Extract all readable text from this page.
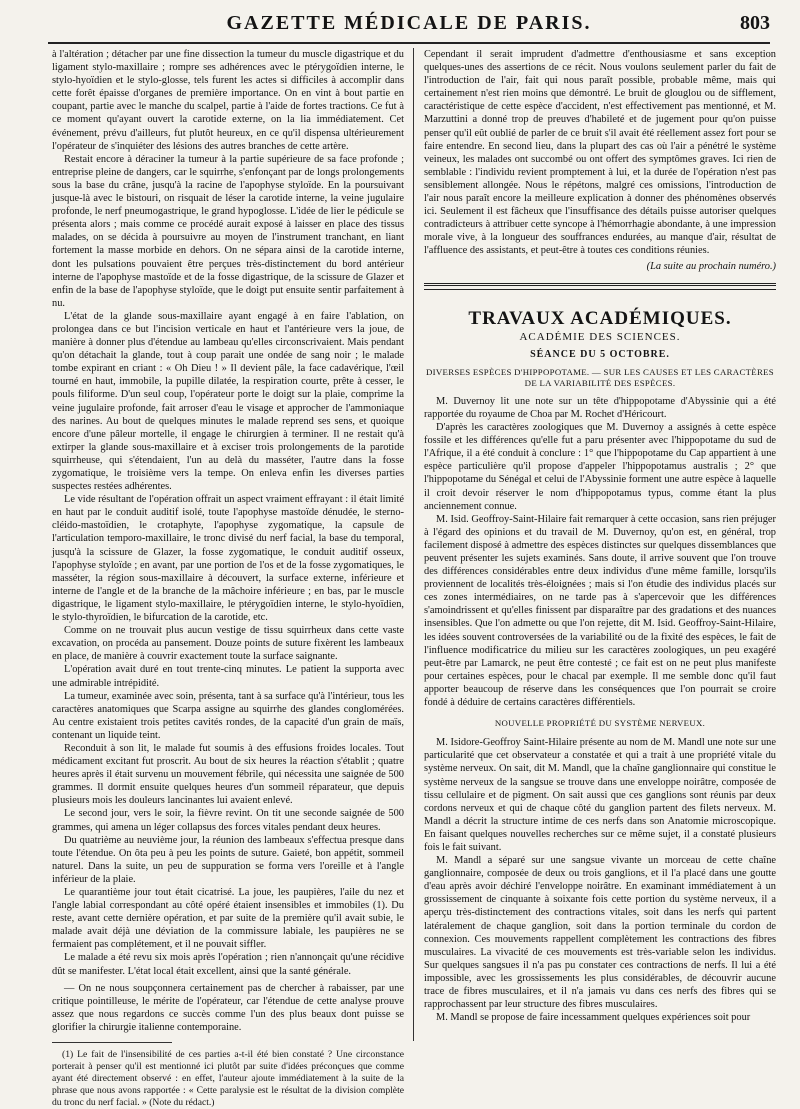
GAZETTE MÉDICALE DE PARIS.	803

à l'altération ; détacher par une fine dissection la tumeur du muscle digastrique et du ligament stylo-maxillaire ; rompre ses adhérences avec le ptérygoïdien interne, le stylo-hyoïdien et le stylo-glosse, tels furent les actes si difficiles à accomplir dans cette forêt épaisse d'organes de première importance. On en vint à bout partie en coupant, partie avec le manche du scalpel, partie à l'aide de fortes tractions. Ce fut à ce moment qu'ayant ouvert la carotide externe, on la lia immédiatement. Cet événement, prévu d'ailleurs, fut plutôt heureux, en ce qu'il dispensa ultérieurement l'opérateur de s'inquiéter des lésions des autres branches de cette artère.

Restait encore à déraciner la tumeur à la partie supérieure de sa face profonde ; entreprise pleine de dangers, car le squirrhe, s'enfonçant par de longs prolongements sous la base du crâne, jusqu'à la racine de l'apophyse styloïde. En la poursuivant jusque-là avec le bistouri, on risquait de léser la carotide interne, la veine jugulaire profonde, le nerf pneumogastrique, le grand hypoglosse. L'idée de lier le pédicule se présenta alors ; mais comme ce procédé aurait exposé à laisser en place des tissus malades, on se décida à poursuivre au moyen de l'instrument tranchant, en liant fortement la masse morbide en dehors. On ne sépara ainsi de la carotide interne, dont les pulsations pouvaient être perçues très-distinctement du bord antérieur interne de l'apophyse mastoïde et de la fosse digastrique, de la scissure de Glazer et enfin de la base de l'apophyse styloïde, que le doigt put ensuite sentir parfaitement à nu.

L'état de la glande sous-maxillaire ayant engagé à en faire l'ablation, on prolongea dans ce but l'incision verticale en haut et l'antérieure vers la joue, de manière à donner plus d'étendue au lambeau qu'elles circonscrivaient. Mais pendant qu'on détachait la glande, tout à coup parait une ondée de sang noir ; le malade tombe expirant en criant : « Oh Dieu ! » Il devient pâle, la face cadavérique, l'œil tourné en haut, immobile, la pupille dilatée, la respiration courte, prête à cesser, le pouls filiforme. D'un seul coup, l'opérateur porte le doigt sur la plaie, comprime la veine jugulaire profonde, fait arroser d'eau le visage et approcher de l'ammoniaque des narines. Au bout de quelques minutes le malade reprend ses sens, et quoique encore d'une pâleur mortelle, il engage le chirurgien à terminer. Il ne restait qu'à extirper la glande sous-maxillaire et à exciser trois prolongements de la parotide squirrheuse, qui s'étendaient, l'un au delà du masséter, l'autre dans la fosse zygomatique, le troisième vers la tempe. On enleva enfin les diverses parties suspectes restées adhérentes.

Le vide résultant de l'opération offrait un aspect vraiment effrayant : il était limité en haut par le conduit auditif isolé, toute l'apophyse mastoïde dénudée, le sterno-cléido-mastoïdien, le crotaphyte, l'apophyse zygomatique, la capsule de l'articulation temporo-maxillaire, le tronc divisé du nerf facial, la base du temporal, jusqu'à la scissure de Glazer, la fosse zygomatique, le conduit auditif osseux, l'apophyse styloïde ; en avant, par une portion de l'os et de la fosse zygomatiques, le masséter, la région sous-maxillaire à découvert, la surface externe, inférieure et interne de l'angle et de la branche de la mâchoire inférieure ; en bas, par le muscle digastrique, le ligament stylo-maxillaire, le ptérygoïdien interne, le stylo-hyoïdien, le stylo-thyroïdien, le bifurcation de la carotide, etc.

Comme on ne trouvait plus aucun vestige de tissu squirrheux dans cette vaste excavation, on procéda au pansement. Douze points de suture fixèrent les lambeaux en place, de manière à couvrir exactement toute la surface saignante.

L'opération avait duré en tout trente-cinq minutes. Le patient la supporta avec une admirable intrépidité.

La tumeur, examinée avec soin, présenta, tant à sa surface qu'à l'intérieur, tous les caractères anatomiques que Scarpa assigne au squirrhe des glandes conglomérées. Au centre existaient trois petites cavités rondes, de la capacité d'un grain de maïs, contenant un liquide teint.

Reconduit à son lit, le malade fut soumis à des effusions froides locales. Tout médicament excitant fut proscrit. Au bout de six heures la réaction s'établit ; quatre heures après il était survenu un mouvement fébrile, qui nécessita une saignée de 500 grammes. Il dormit ensuite quelques heures d'un sommeil réparateur, que depuis plusieurs mois les douleurs lancinantes lui avaient enlevé.

Le second jour, vers le soir, la fièvre revint. On tit une seconde saignée de 500 grammes, qui amena un léger collapsus des forces vitales pendant deux heures.

Du quatrième au neuvième jour, la réunion des lambeaux s'effectua presque dans toute l'étendue. On ôta peu à peu les points de suture. Gaieté, bon appétit, sommeil naturel. Dans la suite, un peu de suppuration se forma vers l'oreille et à l'angle inférieur de la plaie.

Le quarantième jour tout était cicatrisé. La joue, les paupières, l'aile du nez et l'angle labial correspondant au côté opéré étaient insensibles et immobiles (1). Du reste, avant cette dernière opération, et par suite de la première qu'il avait subie, le malade avait déjà une déviation de la commissure labiale, les paupières ne se fermaient pas complétement, et il ne pouvait siffler.

Le malade a été revu six mois après l'opération ; rien n'annonçait qu'une récidive dût se manifester. L'état local était excellent, ainsi que la santé générale.

— On ne nous soupçonnera certainement pas de chercher à rabaisser, par une critique pointilleuse, le mérite de l'opérateur, car l'étendue de cette analyse prouve assez que nous regardons ce succès comme l'un des plus beaux dont puisse se glorifier la chirurgie italienne contemporaine.

(1) Le fait de l'insensibilité de ces parties a-t-il été bien constaté ? Une circonstance porterait à penser qu'il est mentionné ici plutôt par suite d'idées préconçues que comme ayant été directement observé : en effet, l'auteur ajoute immédiatement à la suite de la phrase que nous avons rapportée : « Cette paralysie est le résultat de la division complète du tronc du nerf facial. » (Note du rédact.)

Cependant il serait imprudent d'admettre d'enthousiasme et sans exception quelques-unes des assertions de ce récit. Nous voulons seulement parler du fait de l'introduction de l'air, fait qui nous paraît possible, probable même, mais qui certainement n'est rien moins que démontré. Le bruit de glouglou ou de sifflement, caractéristique de cette espèce d'accident, n'est effectivement pas mentionné, et M. Marzuttini a donné trop de preuves d'habileté et de jugement pour qu'on puisse penser qu'il eût oublié de parler de ce bruit s'il avait été réellement assez fort pour se faire entendre. En second lieu, dans la plupart des cas où l'air a pénétré le système veineux, les malades ont succombé ou ont offert des symptômes graves. Ici rien de semblable : l'individu revient promptement à lui, et la durée de l'opération n'est pas sensiblement allongée. Nous le répétons, malgré ces omissions, l'introduction de l'air nous paraît encore la meilleure explication à donner des phénomènes observés ici. Seulement il est fâcheux que l'insuffisance des détails puisse autoriser quelques contradicteurs à attribuer cette syncope à l'hémorrhagie abondante, à une impression morale vive, à la longueur des souffrances endurées, au manque d'air, résultat de l'affluence des assistants, et peut-être à toutes ces conditions réunies.

(La suite au prochain numéro.)
TRAVAUX ACADÉMIQUES.
ACADÉMIE DES SCIENCES.
SÉANCE DU 5 OCTOBRE.
DIVERSES ESPÈCES D'HIPPOPOTAME. — SUR LES CAUSES ET LES CARACTÈRES DE LA VARIABILITÉ DES ESPÈCES.

M. Duvernoy lit une note sur un tête d'hippopotame d'Abyssinie qui a été rapportée du royaume de Choa par M. Rochet d'Héricourt.

D'après les caractères zoologiques que M. Duvernoy a assignés à cette espèce fossile et les différences qu'elle fut a paru présenter avec l'hippopotame du sud de l'Afrique, il a été conduit à conclure : 1° que l'hippopotame du Cap appartient à une espèce particulière qu'il propose d'appeler l'hippopotamus australis ; 2° que l'hippopotame du Sénégal et celui de l'Abyssinie forment une autre espèce à laquelle il croit devoir réserver le nom d'hippopotamus typus, comme étant la plus anciennement connue.

M. Isid. Geoffroy-Saint-Hilaire fait remarquer à cette occasion, sans rien préjuger à l'égard des opinions et du travail de M. Duvernoy, qu'on est, en général, trop facilement disposé à admettre des espèces distinctes sur quelques dissemblances que peuvent présenter les sujets examinés. Sans doute, il arrive souvent que l'on trouve des différences considérables entre deux individus d'une même famille, lorsqu'ils proviennent de localités très-éloignées ; mais si l'on étudie des individus placés sur ces zones intermédiaires, on ne tarde pas à s'apercevoir que les différences s'amoindrissent et qu'elles finissent par disparaître par des gradations et des nuances insensibles. Que l'on admette ou que l'on rejette, dit M. Isid. Geoffroy-Saint-Hilaire, les idées souvent controversées de la variabilité ou de la fixité des espèces, le fait de l'influence modificatrice du milieu sur les caractères zoologiques, un peu exagéré peut-être par Lamarck, ne peut être contesté ; ce fait est on ne peut plus manifeste pour certaines espèces, pour le chacal par exemple. Il me semble donc qu'il faut apporter beaucoup de réserve dans les conséquences que l'on pourrait se croire fondé à déduire de certains caractères différentiels.

NOUVELLE PROPRIÉTÉ DU SYSTÈME NERVEUX.

M. Isidore-Geoffroy Saint-Hilaire présente au nom de M. Mandl une note sur une particularité que cet observateur a constatée et qui a trait à une propriété vitale du système nerveux. On sait, dit M. Mandl, que la chaîne ganglionnaire qui constitue le système nerveux de la sangsue se trouve dans une enveloppe noirâtre, composée de tissu cellulaire et de pigment. On sait aussi que ces ganglions sont réunis par deux cordons nerveux et qui de chaque côté du ganglion partent des filets nerveux. M. Mandl a décrit la structure intime de ces nerfs dans son Anatomie microscopique. En faisant quelques nouvelles recherches sur ce même sujet, il a constaté plusieurs fois le fait suivant.

M. Mandl a séparé sur une sangsue vivante un morceau de cette chaîne ganglionnaire, composée de deux ou trois ganglions, et il l'a placé dans une goutte d'eau après avoir déchiré l'enveloppe noirâtre. En examinant immédiatement à un grossissement de cinquante à soixante fois cette portion du système nerveux, il a aperçu très-distinctement des contractions vitales, soit dans les nerfs qui partent latéralement de chaque ganglion, soit dans la portion terminale du cordon de connexion. Ces mouvements rappellent complètement les contractions des fibres musculaires. La vivacité de ces mouvements est très-variable selon les individus. Sur quelques sangsues il n'a pas pu constater ces contractions de nerfs. Il lui a été impossible, avec les grossissements les plus considérables, de découvrir aucune trace de fibres musculaires, et il n'a jamais vu dans ces nerfs des fibres qui se rapprochassent par leur structure des fibres musculaires.

M. Mandl se propose de faire incessamment quelques expériences soit pour
